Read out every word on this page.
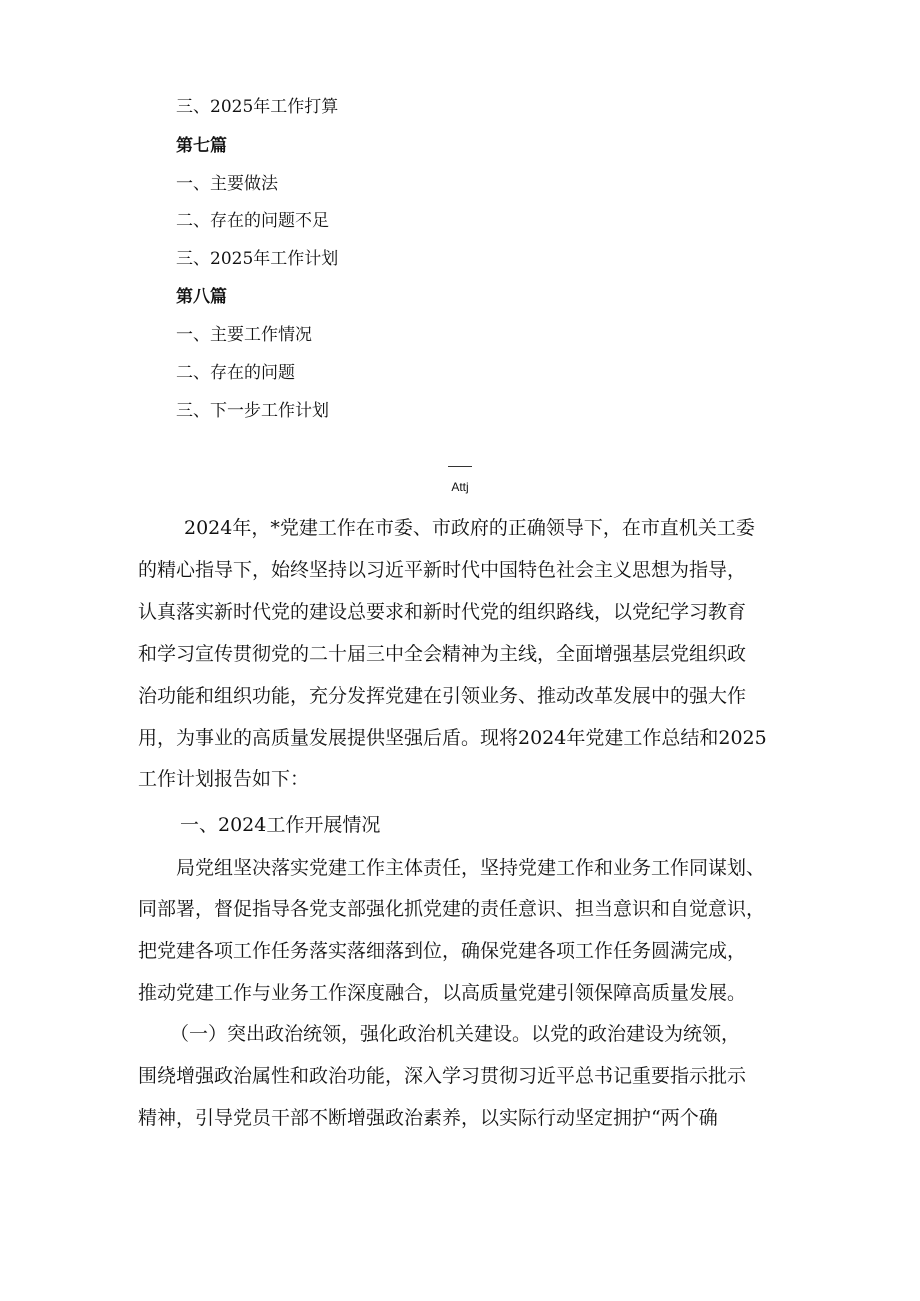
三、2025年工作打算
第七篇
一、主要做法
二、存在的问题不足
三、2025年工作计划
第八篇
一、主要工作情况
二、存在的问题
三、下一步工作计划
Attj
2024年，*党建工作在市委、市政府的正确领导下，在市直机关工委
的精心指导下，始终坚持以习近平新时代中国特色社会主义思想为指导，
认真落实新时代党的建设总要求和新时代党的组织路线，以党纪学习教育
和学习宣传贯彻党的二十届三中全会精神为主线，全面增强基层党组织政
治功能和组织功能，充分发挥党建在引领业务、推动改革发展中的强大作
用，为事业的高质量发展提供坚强后盾。现将2024年党建工作总结和2025
工作计划报告如下：
一、2024工作开展情况
局党组坚决落实党建工作主体责任，坚持党建工作和业务工作同谋划、
同部署，督促指导各党支部强化抓党建的责任意识、担当意识和自觉意识，
把党建各项工作任务落实落细落到位，确保党建各项工作任务圆满完成，
推动党建工作与业务工作深度融合，以高质量党建引领保障高质量发展。
（一）突出政治统领，强化政治机关建设。以党的政治建设为统领，
围绕增强政治属性和政治功能，深入学习贯彻习近平总书记重要指示批示
精神，引导党员干部不断增强政治素养，以实际行动坚定拥护“两个确
